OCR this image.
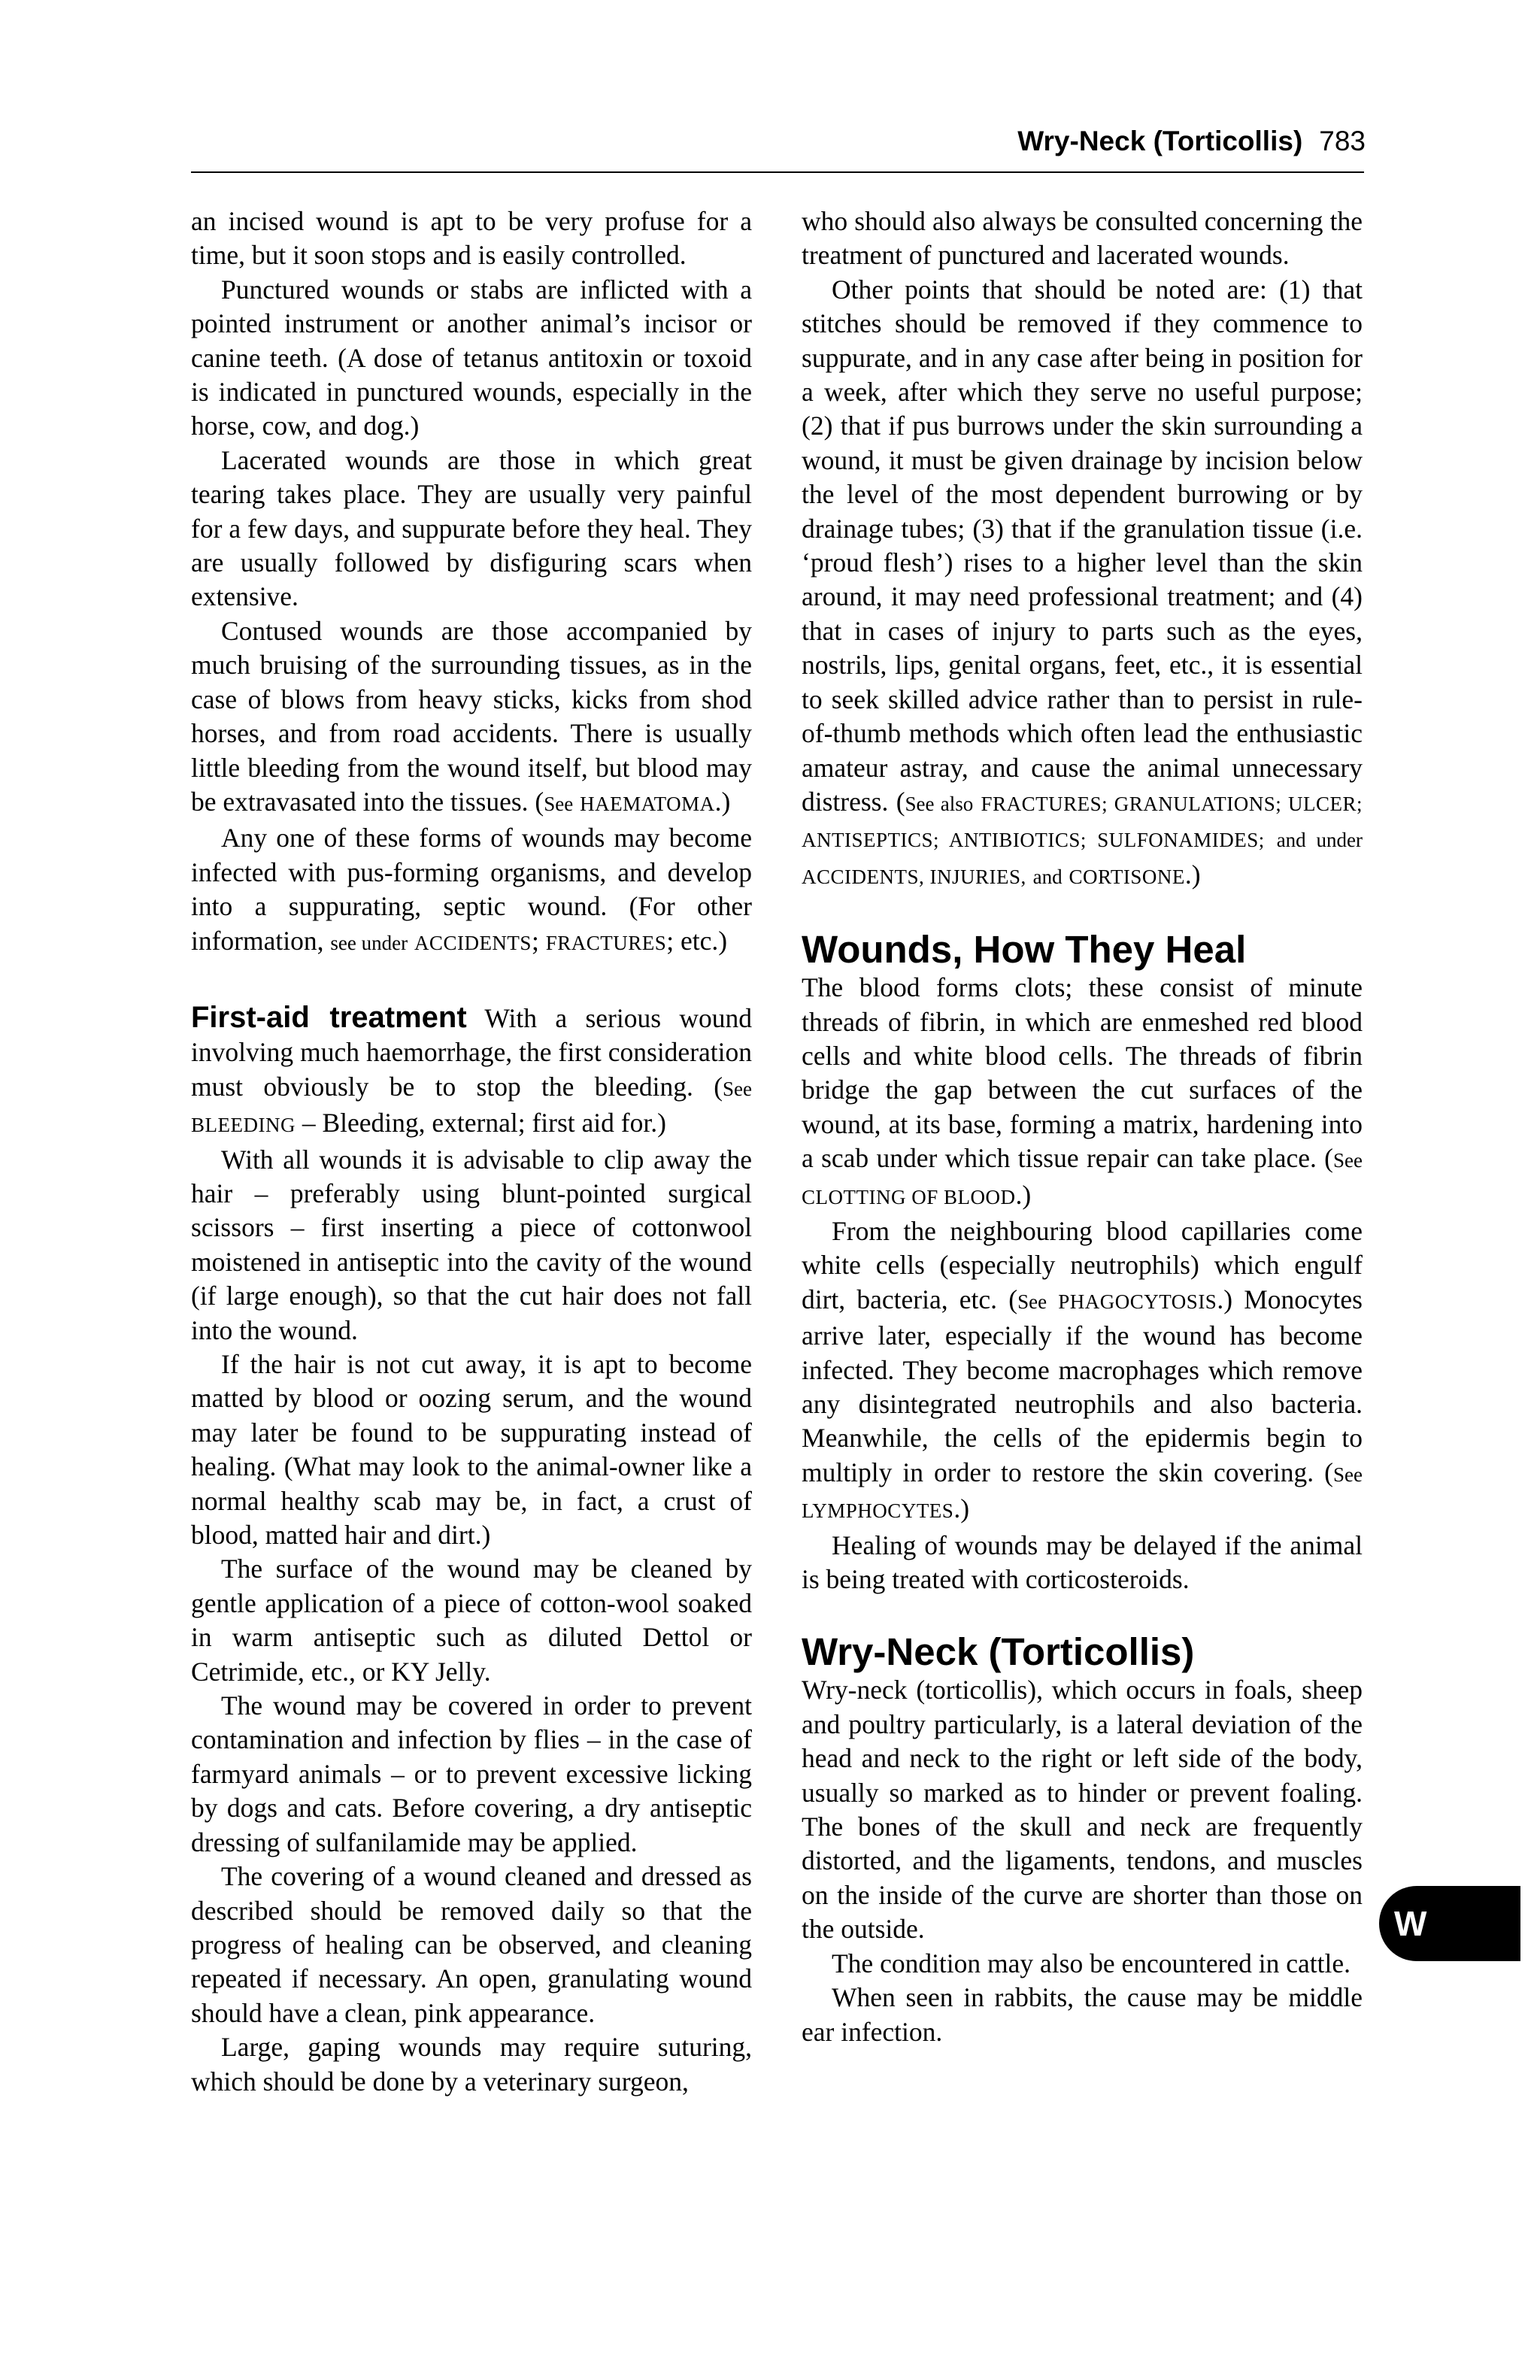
Wry-Neck (Torticollis) 783

an incised wound is apt to be very profuse for a time, but it soon stops and is easily controlled.

Punctured wounds or stabs are inflicted with a pointed instrument or another animal’s incisor or canine teeth. (A dose of tetanus antitoxin or toxoid is indicated in punctured wounds, especially in the horse, cow, and dog.)

Lacerated wounds are those in which great tearing takes place. They are usually very painful for a few days, and suppurate before they heal. They are usually followed by disfiguring scars when extensive.

Contused wounds are those accompanied by much bruising of the surrounding tissues, as in the case of blows from heavy sticks, kicks from shod horses, and from road accidents. There is usually little bleeding from the wound itself, but blood may be extravasated into the tissues. (See HAEMATOMA.)

Any one of these forms of wounds may become infected with pus-forming organisms, and develop into a suppurating, septic wound. (For other information, see under ACCIDENTS; FRACTURES; etc.)

First-aid treatment With a serious wound involving much haemorrhage, the first consideration must obviously be to stop the bleeding. (See BLEEDING – Bleeding, external; first aid for.)

With all wounds it is advisable to clip away the hair – preferably using blunt-pointed surgical scissors – first inserting a piece of cottonwool moistened in antiseptic into the cavity of the wound (if large enough), so that the cut hair does not fall into the wound.

If the hair is not cut away, it is apt to become matted by blood or oozing serum, and the wound may later be found to be suppurating instead of healing. (What may look to the animal-owner like a normal healthy scab may be, in fact, a crust of blood, matted hair and dirt.)

The surface of the wound may be cleaned by gentle application of a piece of cotton-wool soaked in warm antiseptic such as diluted Dettol or Cetrimide, etc., or KY Jelly.

The wound may be covered in order to prevent contamination and infection by flies – in the case of farmyard animals – or to prevent excessive licking by dogs and cats. Before covering, a dry antiseptic dressing of sulfanilamide may be applied.

The covering of a wound cleaned and dressed as described should be removed daily so that the progress of healing can be observed, and cleaning repeated if necessary. An open, granulating wound should have a clean, pink appearance.

Large, gaping wounds may require suturing, which should be done by a veterinary surgeon,

who should also always be consulted concerning the treatment of punctured and lacerated wounds.

Other points that should be noted are: (1) that stitches should be removed if they commence to suppurate, and in any case after being in position for a week, after which they serve no useful purpose; (2) that if pus burrows under the skin surrounding a wound, it must be given drainage by incision below the level of the most dependent burrowing or by drainage tubes; (3) that if the granulation tissue (i.e. ‘proud flesh’) rises to a higher level than the skin around, it may need professional treatment; and (4) that in cases of injury to parts such as the eyes, nostrils, lips, genital organs, feet, etc., it is essential to seek skilled advice rather than to persist in rule-of-thumb methods which often lead the enthusiastic amateur astray, and cause the animal unnecessary distress. (See also FRACTURES; GRANULATIONS; ULCER; ANTISEPTICS; ANTIBIOTICS; SULFONAMIDES; and under ACCIDENTS, INJURIES, and CORTISONE.)

Wounds, How They Heal

The blood forms clots; these consist of minute threads of fibrin, in which are enmeshed red blood cells and white blood cells. The threads of fibrin bridge the gap between the cut surfaces of the wound, at its base, forming a matrix, hardening into a scab under which tissue repair can take place. (See CLOTTING OF BLOOD.)

From the neighbouring blood capillaries come white cells (especially neutrophils) which engulf dirt, bacteria, etc. (See PHAGOCYTOSIS.) Monocytes arrive later, especially if the wound has become infected. They become macrophages which remove any disintegrated neutrophils and also bacteria. Meanwhile, the cells of the epidermis begin to multiply in order to restore the skin covering. (See LYMPHOCYTES.)

Healing of wounds may be delayed if the animal is being treated with corticosteroids.

Wry-Neck (Torticollis)

Wry-neck (torticollis), which occurs in foals, sheep and poultry particularly, is a lateral deviation of the head and neck to the right or left side of the body, usually so marked as to hinder or prevent foaling. The bones of the skull and neck are frequently distorted, and the ligaments, tendons, and muscles on the inside of the curve are shorter than those on the outside.

The condition may also be encountered in cattle.

When seen in rabbits, the cause may be middle ear infection.

W
